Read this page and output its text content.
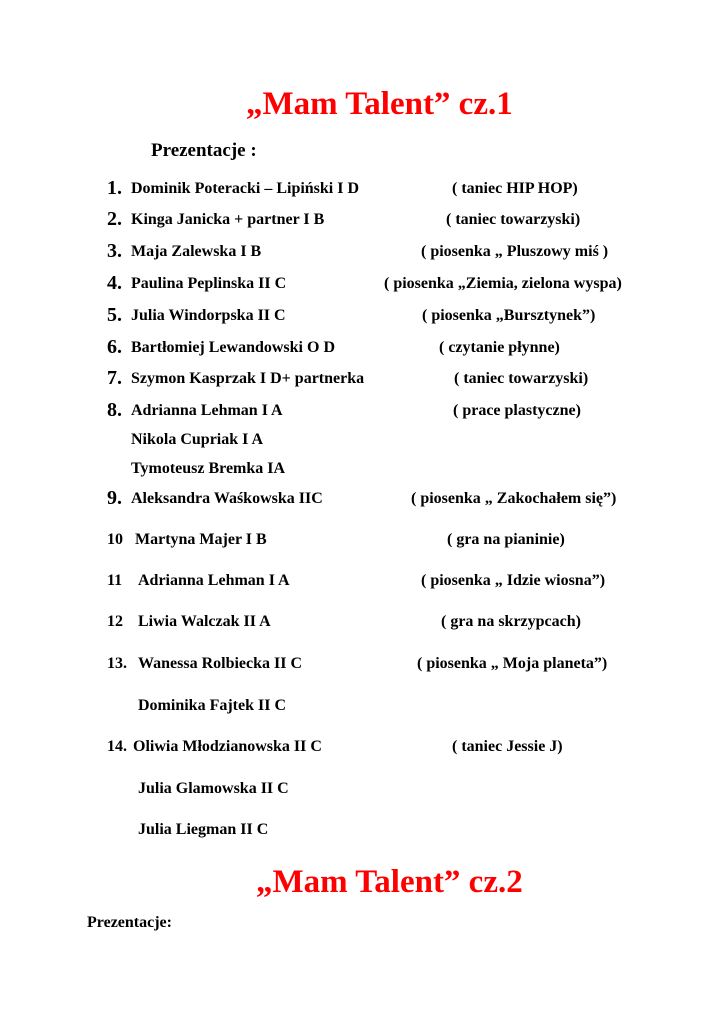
„Mam Talent” cz.1
Prezentacje :
1. Dominik Poteracki – Lipiński I D	( taniec HIP HOP)
2. Kinga Janicka + partner I B	( taniec towarzyski)
3. Maja Zalewska I B	( piosenka „ Pluszowy miś )
4. Paulina Peplinska II C	( piosenka „Ziemia, zielona wyspa)
5. Julia Windorpska II C	( piosenka „Bursztynek”)
6. Bartłomiej Lewandowski O D	( czytanie płynne)
7. Szymon Kasprzak I D+ partnerka	( taniec towarzyski)
8. Adrianna Lehman I A	( prace plastyczne)
Nikola Cupriak I A
Tymoteusz Bremka IA
9. Aleksandra Waśkowska IIC	( piosenka „ Zakochałem się”)
10 Martyna Majer I B	( gra na pianinie)
11 Adrianna Lehman I A	( piosenka „ Idzie wiosna”)
12 Liwia Walczak II A	( gra na skrzypcach)
13. Wanessa Rolbiecka II C	( piosenka „ Moja planeta”)
Dominika Fajtek II C
14. Oliwia Młodzianowska II C	( taniec Jessie J)
Julia Glamowska II C
Julia Liegman II C
„Mam Talent” cz.2
Prezentacje:
